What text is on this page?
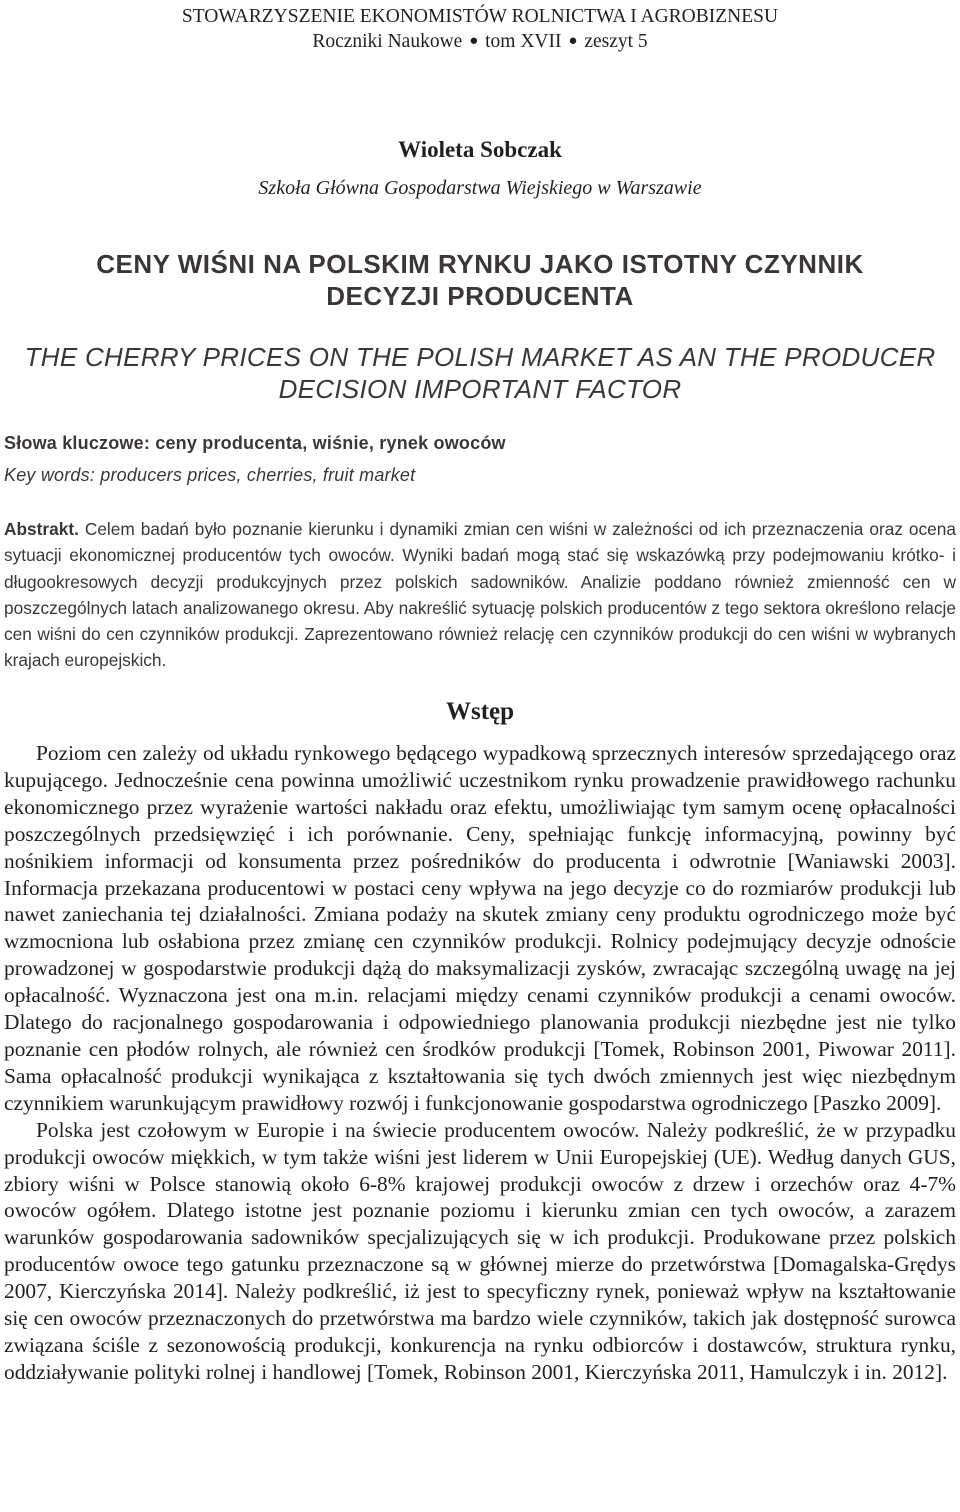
STOWARZYSZENIE EKONOMISTÓW ROLNICTWA I AGROBIZNESU
Roczniki Naukowe ● tom XVII ● zeszyt 5
Wioleta Sobczak
Szkoła Główna Gospodarstwa Wiejskiego w Warszawie
CENY WIŚNI NA POLSKIM RYNKU JAKO ISTOTNY CZYNNIK
DECYZJI PRODUCENTA
THE CHERRY PRICES ON THE POLISH MARKET AS AN THE PRODUCER
DECISION IMPORTANT FACTOR
Słowa kluczowe: ceny producenta, wiśnie, rynek owoców
Key words: producers prices, cherries, fruit market
Abstrakt. Celem badań było poznanie kierunku i dynamiki zmian cen wiśni w zależności od ich przeznaczenia oraz ocena sytuacji ekonomicznej producentów tych owoców. Wyniki badań mogą stać się wskazówką przy podejmowaniu krótko- i długookresowych decyzji produkcyjnych przez polskich sadowników. Analizie poddano również zmienność cen w poszczególnych latach analizowanego okresu. Aby nakreślić sytuację polskich producentów z tego sektora określono relacje cen wiśni do cen czynników produkcji. Zaprezentowano również relację cen czynników produkcji do cen wiśni w wybranych krajach europejskich.
Wstęp

Poziom cen zależy od układu rynkowego będącego wypadkową sprzecznych interesów sprzedającego oraz kupującego. Jednocześnie cena powinna umożliwić uczestnikom rynku prowadzenie prawidłowego rachunku ekonomicznego przez wyrażenie wartości nakładu oraz efektu, umożliwiając tym samym ocenę opłacalności poszczególnych przedsięwzięć i ich porównanie. Ceny, spełniając funkcję informacyjną, powinny być nośnikiem informacji od konsumenta przez pośredników do producenta i odwrotnie [Waniawski 2003]. Informacja przekazana producentowi w postaci ceny wpływa na jego decyzje co do rozmiarów produkcji lub nawet zaniechania tej działalności. Zmiana podaży na skutek zmiany ceny produktu ogrodniczego może być wzmocniona lub osłabiona przez zmianę cen czynników produkcji. Rolnicy podejmujący decyzje odnoście prowadzonej w gospodarstwie produkcji dążą do maksymalizacji zysków, zwracając szczególną uwagę na jej opłacalność. Wyznaczona jest ona m.in. relacjami między cenami czynników produkcji a cenami owoców. Dlatego do racjonalnego gospodarowania i odpowiedniego planowania produkcji niezbędne jest nie tylko poznanie cen płodów rolnych, ale również cen środków produkcji [Tomek, Robinson 2001, Piwowar 2011]. Sama opłacalność produkcji wynikająca z kształtowania się tych dwóch zmiennych jest więc niezbędnym czynnikiem warunkującym prawidłowy rozwój i funkcjonowanie gospodarstwa ogrodniczego [Paszko 2009].

Polska jest czołowym w Europie i na świecie producentem owoców. Należy podkreślić, że w przypadku produkcji owoców miękkich, w tym także wiśni jest liderem w Unii Europejskiej (UE). Według danych GUS, zbiory wiśni w Polsce stanowią około 6-8% krajowej produkcji owoców z drzew i orzechów oraz 4-7% owoców ogółem. Dlatego istotne jest poznanie poziomu i kierunku zmian cen tych owoców, a zarazem warunków gospodarowania sadowników specjalizujących się w ich produkcji. Produkowane przez polskich producentów owoce tego gatunku przeznaczone są w głównej mierze do przetwórstwa [Domagalska-Grędys 2007, Kierczyńska 2014]. Należy podkreślić, iż jest to specyficzny rynek, ponieważ wpływ na kształtowanie się cen owoców przeznaczonych do przetwórstwa ma bardzo wiele czynników, takich jak dostępność surowca związana ściśle z sezonowością produkcji, konkurencja na rynku odbiorców i dostawców, struktura rynku, oddziaływanie polityki rolnej i handlowej [Tomek, Robinson 2001, Kierczyńska 2011, Hamulczyk i in. 2012].
